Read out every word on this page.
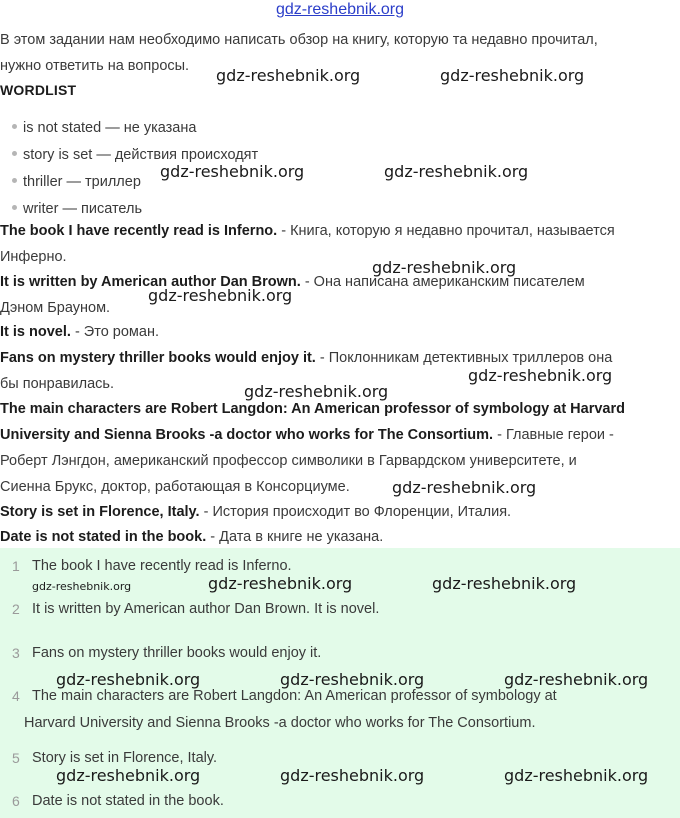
gdz-reshebnik.org
В этом задании нам необходимо написать обзор на книгу, которую та недавно прочитал,
нужно ответить на вопросы.
WORDLIST
is not stated — не указана
story is set — действия происходят
thriller — триллер
writer — писатель
The book I have recently read is Inferno. - Книга, которую я недавно прочитал, называется
Инферно.
It is written by American author Dan Brown. - Она написана американским писателем
Дэном Брауном.
It is novel. - Это роман.
Fans on mystery thriller books would enjoy it. - Поклонникам детективных триллеров она
бы понравилась.
The main characters are Robert Langdon: An American professor of symbology at Harvard
University and Sienna Brooks -a doctor who works for The Consortium. - Главные герои -
Роберт Лэнгдон, американский профессор символики в Гарвардском университете, и
Сиенна Брукс, доктор, работающая в Консорциуме.
Story is set in Florence, Italy. - История происходит во Флоренции, Италия.
Date is not stated in the book. - Дата в книге не указана.
1 The book I have recently read is Inferno.
2 It is written by American author Dan Brown. It is novel.
3 Fans on mystery thriller books would enjoy it.
4 The main characters are Robert Langdon: An American professor of symbology at
Harvard University and Sienna Brooks -a doctor who works for The Consortium.
5 Story is set in Florence, Italy.
6 Date is not stated in the book.
gdz-reshebnik.org	gdz-reshebnik.org
gdz-reshebnik.org	gdz-reshebnik.org
gdz-reshebnik.org
gdz-reshebnik.org
gdz-reshebnik.org
gdz-reshebnik.org
gdz-reshebnik.org
gdz-reshebnik.org	gdz-reshebnik.org	gdz-reshebnik.org
gdz-reshebnik.org	gdz-reshebnik.org	gdz-reshebnik.org
gdz-reshebnik.org	gdz-reshebnik.org	gdz-reshebnik.org
